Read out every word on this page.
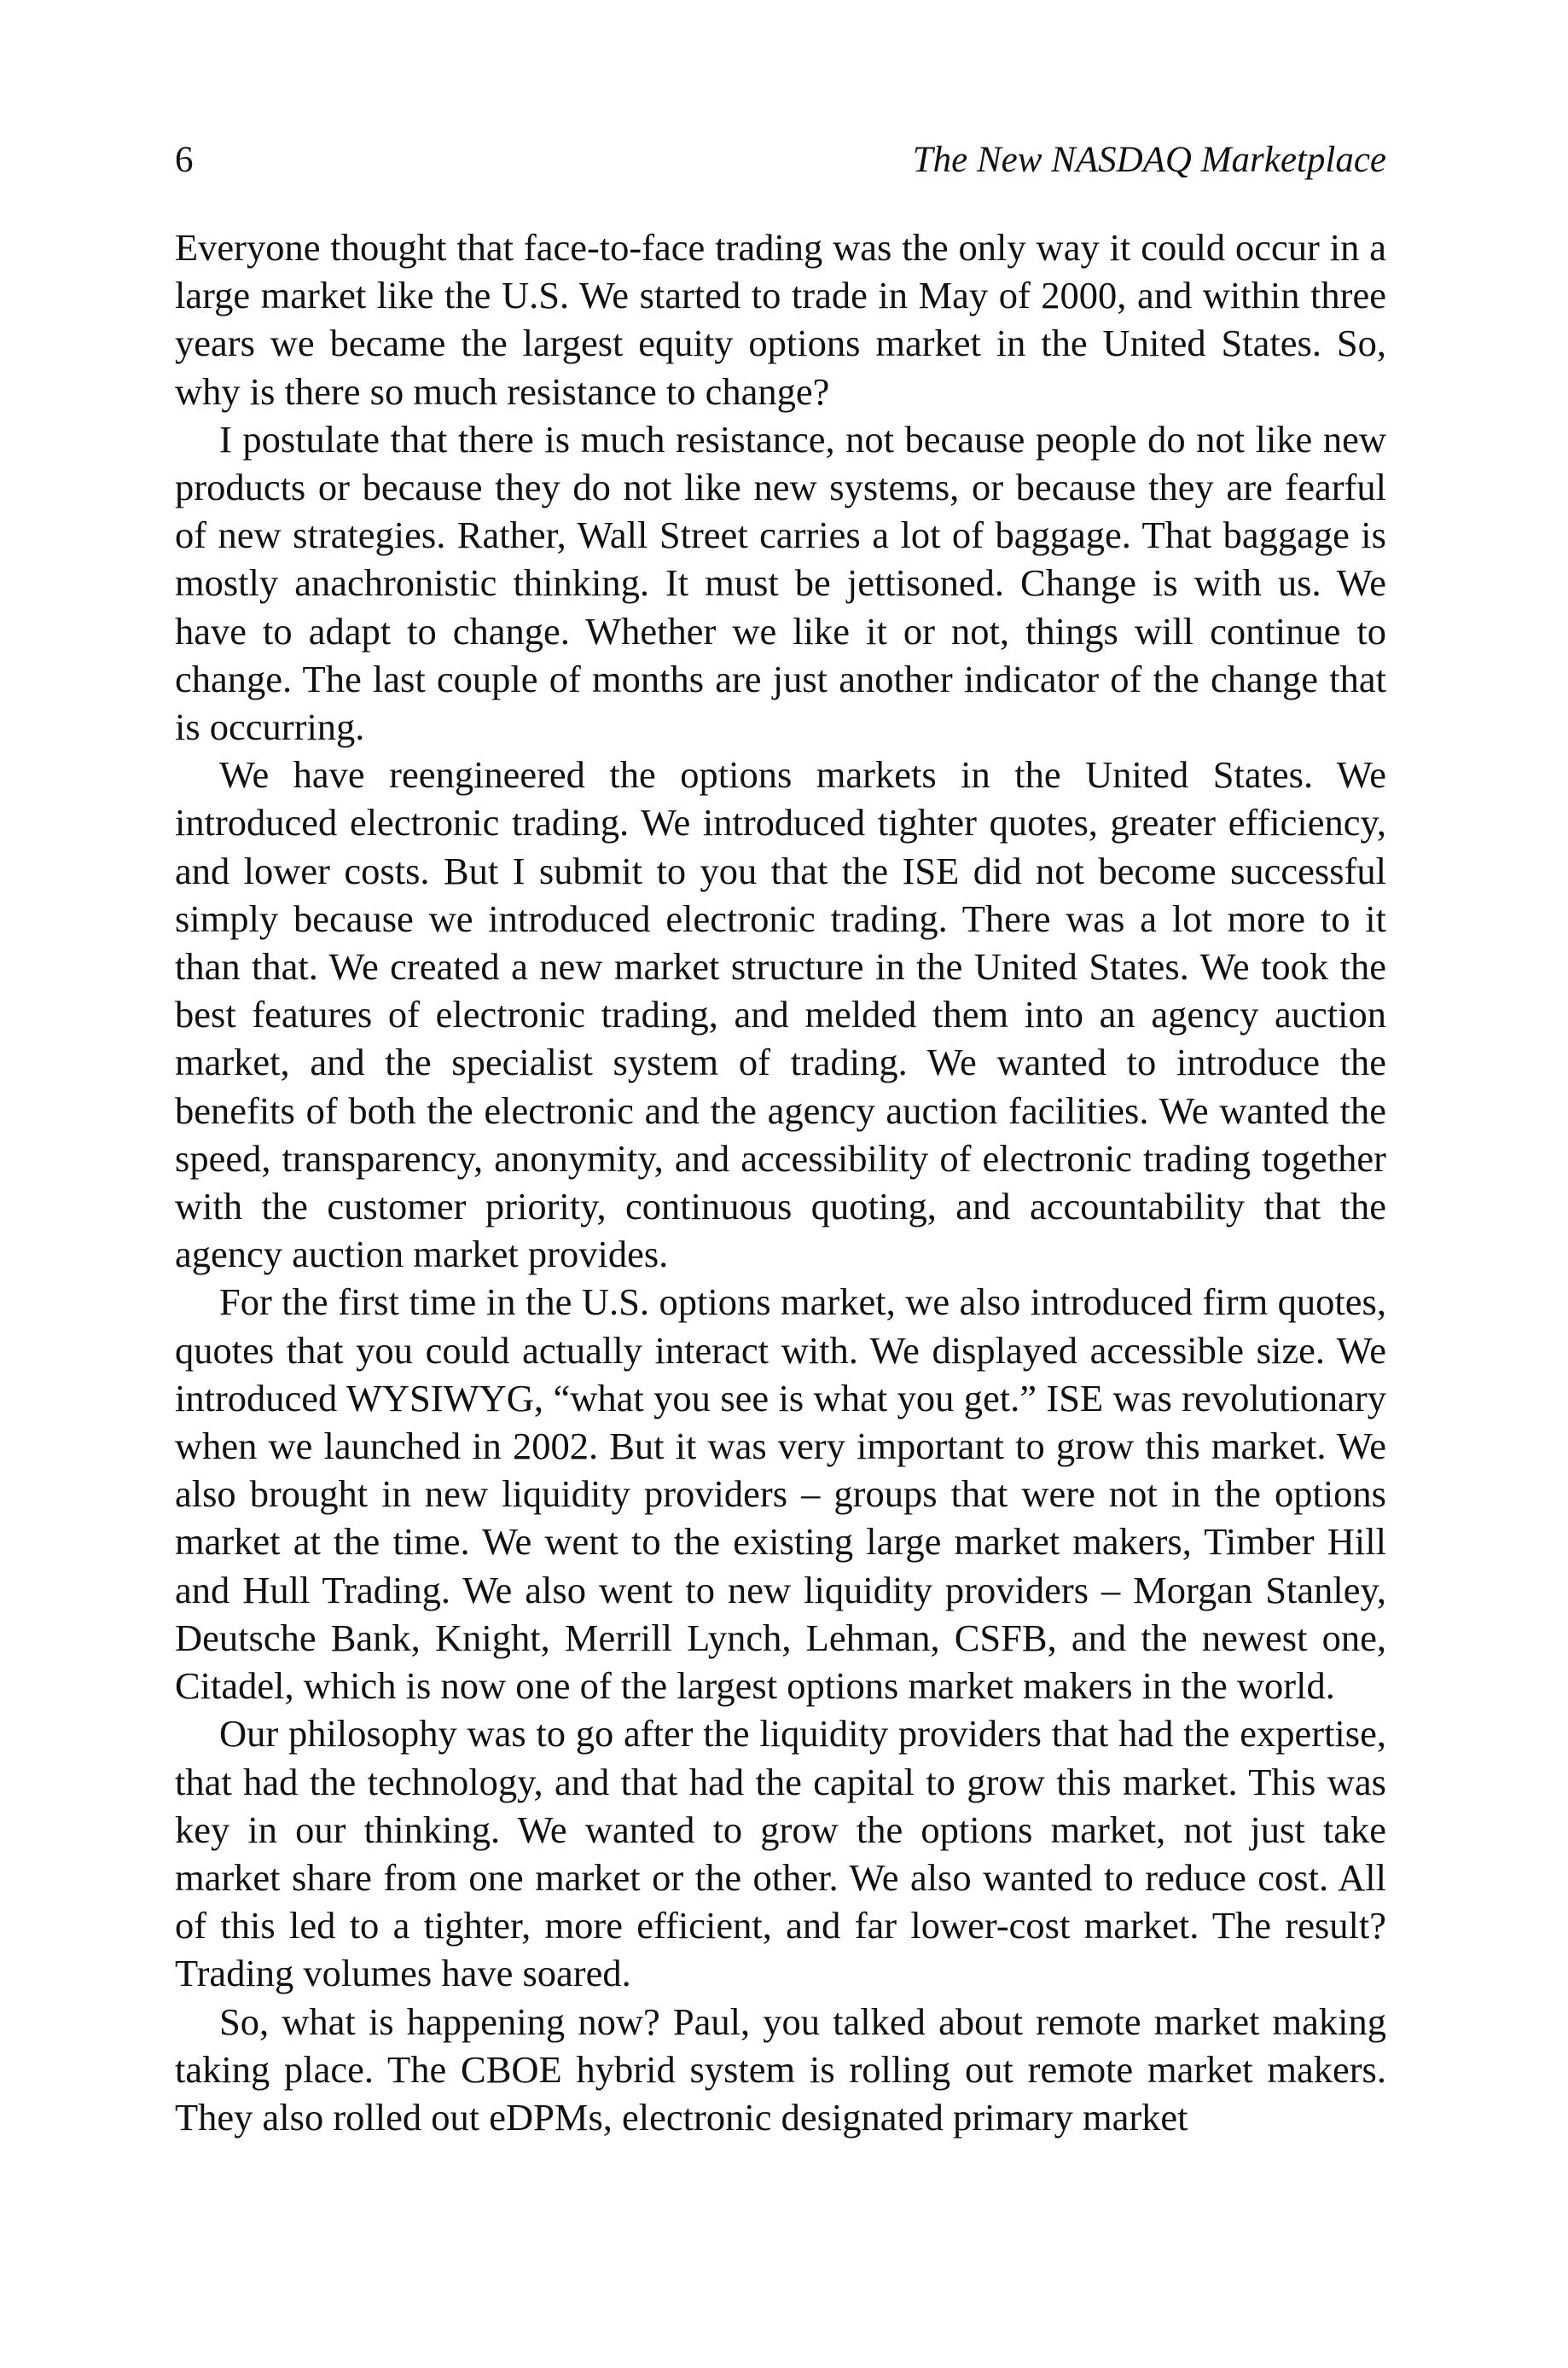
6	The New NASDAQ Marketplace

Everyone thought that face-to-face trading was the only way it could occur in a large market like the U.S. We started to trade in May of 2000, and within three years we became the largest equity options market in the United States. So, why is there so much resistance to change?

I postulate that there is much resistance, not because people do not like new products or because they do not like new systems, or because they are fearful of new strategies. Rather, Wall Street carries a lot of baggage. That baggage is mostly anachronistic thinking. It must be jettisoned. Change is with us. We have to adapt to change. Whether we like it or not, things will continue to change. The last couple of months are just another indicator of the change that is occurring.

We have reengineered the options markets in the United States. We introduced electronic trading. We introduced tighter quotes, greater efficiency, and lower costs. But I submit to you that the ISE did not become successful simply because we introduced electronic trading. There was a lot more to it than that. We created a new market structure in the United States. We took the best features of electronic trading, and melded them into an agency auction market, and the specialist system of trading. We wanted to introduce the benefits of both the electronic and the agency auction facilities. We wanted the speed, transparency, anonymity, and accessibility of electronic trading together with the customer priority, continuous quoting, and accountability that the agency auction market provides.

For the first time in the U.S. options market, we also introduced firm quotes, quotes that you could actually interact with. We displayed accessible size. We introduced WYSIWYG, “what you see is what you get.” ISE was revolutionary when we launched in 2002. But it was very important to grow this market. We also brought in new liquidity providers – groups that were not in the options market at the time. We went to the existing large market makers, Timber Hill and Hull Trading. We also went to new liquidity providers – Morgan Stanley, Deutsche Bank, Knight, Merrill Lynch, Lehman, CSFB, and the newest one, Citadel, which is now one of the largest options market makers in the world.

Our philosophy was to go after the liquidity providers that had the expertise, that had the technology, and that had the capital to grow this market. This was key in our thinking. We wanted to grow the options market, not just take market share from one market or the other. We also wanted to reduce cost. All of this led to a tighter, more efficient, and far lower-cost market. The result? Trading volumes have soared.

So, what is happening now? Paul, you talked about remote market making taking place. The CBOE hybrid system is rolling out remote market makers. They also rolled out eDPMs, electronic designated primary market
